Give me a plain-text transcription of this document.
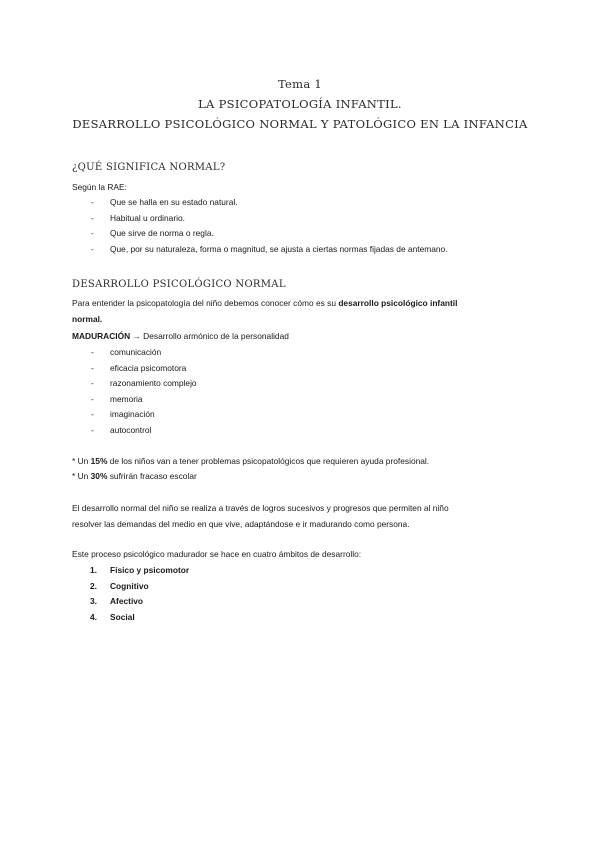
Tema 1
LA PSICOPATOLOGÍA INFANTIL.
DESARROLLO PSICOLÓGICO NORMAL Y PATOLÓGICO EN LA INFANCIA
¿QUÉ SIGNIFICA NORMAL?
Según la RAE:
- Que se halla en su estado natural.
- Habitual u ordinario.
- Que sirve de norma o regla.
- Que, por su naturaleza, forma o magnitud, se ajusta a ciertas normas fijadas de antemano.
DESARROLLO PSICOLÓGICO NORMAL
Para entender la psicopatología del niño debemos conocer cómo es su desarrollo psicológico infantil
normal.
MADURACIÓN → Desarrollo armónico de la personalidad
- comunicación
- eficacia psicomotora
- razonamiento complejo
- memoria
- imaginación
- autocontrol
* Un 15% de los niños van a tener problemas psicopatológicos que requieren ayuda profesional.
* Un 30% sufrirán fracaso escolar
El desarrollo normal del niño se realiza a través de logros sucesivos y progresos que permiten al niño
resolver las demandas del medio en que vive, adaptándose e ir madurando como persona.
Este proceso psicológico madurador se hace en cuatro ámbitos de desarrollo:
1. Físico y psicomotor
2. Cognitivo
3. Afectivo
4. Social
